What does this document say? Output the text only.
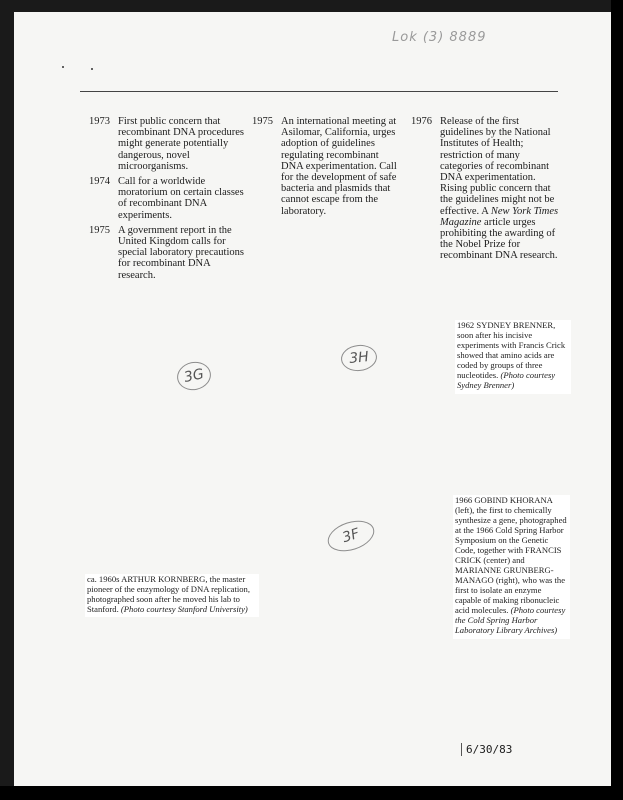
Lok (3) 8889
1973 First public concern that recombinant DNA procedures might generate potentially dangerous, novel microorganisms.
1974 Call for a worldwide moratorium on certain classes of recombinant DNA experiments.
1975 A government report in the United Kingdom calls for special laboratory precautions for recombinant DNA research.
1975 An international meeting at Asilomar, California, urges adoption of guidelines regulating recombinant DNA experimentation. Call for the development of safe bacteria and plasmids that cannot escape from the laboratory.
1976 Release of the first guidelines by the National Institutes of Health; restriction of many categories of recombinant DNA experimentation. Rising public concern that the guidelines might not be effective. A New York Times Magazine article urges prohibiting the awarding of the Nobel Prize for recombinant DNA research.
3G
3H
3F
1962 SYDNEY BRENNER, soon after his incisive experiments with Francis Crick showed that amino acids are coded by groups of three nucleotides. (Photo courtesy Sydney Brenner)
1966 GOBIND KHORANA (left), the first to chemically synthesize a gene, photographed at the 1966 Cold Spring Harbor Symposium on the Genetic Code, together with FRANCIS CRICK (center) and MARIANNE GRUNBERG-MANAGO (right), who was the first to isolate an enzyme capable of making ribonucleic acid molecules. (Photo courtesy the Cold Spring Harbor Laboratory Library Archives)
ca. 1960s ARTHUR KORNBERG, the master pioneer of the enzymology of DNA replication, photographed soon after he moved his lab to Stanford. (Photo courtesy Stanford University)
6/30/83
